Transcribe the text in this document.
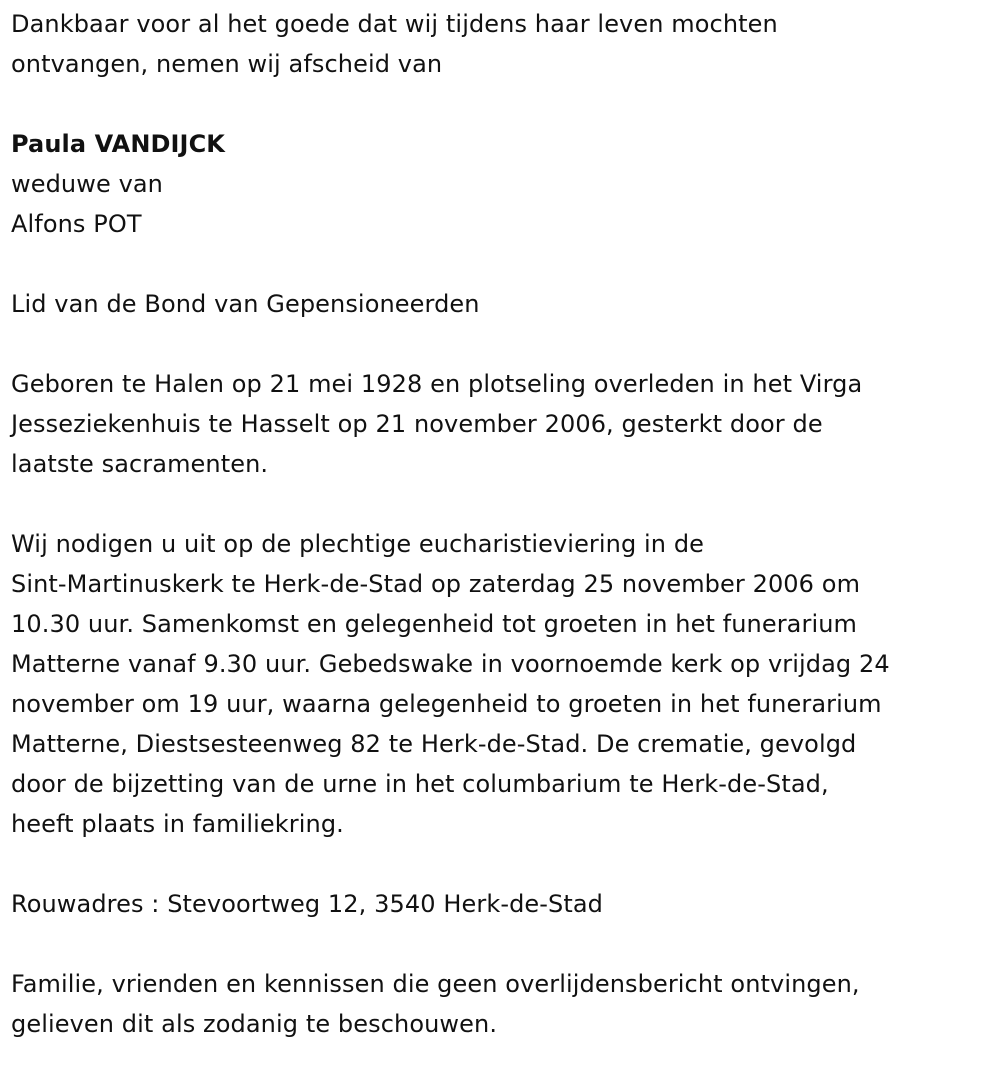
Dankbaar voor al het goede dat wij tijdens haar leven mochten

ontvangen, nemen wij afscheid van

Paula VANDIJCK

weduwe van

Alfons POT

Lid van de Bond van Gepensioneerden

Geboren te Halen op 21 mei 1928 en plotseling overleden in het Virga

Jesseziekenhuis te Hasselt op 21 november 2006, gesterkt door de

laatste sacramenten.

Wij nodigen u uit op de plechtige eucharistieviering in de

Sint-Martinuskerk te Herk-de-Stad op zaterdag 25 november 2006 om

10.30 uur. Samenkomst en gelegenheid tot groeten in het funerarium

Matterne vanaf 9.30 uur. Gebedswake in voornoemde kerk op vrijdag 24

november om 19 uur, waarna gelegenheid to groeten in het funerarium

Matterne, Diestsesteenweg 82 te Herk-de-Stad. De crematie, gevolgd

door de bijzetting van de urne in het columbarium te Herk-de-Stad,

heeft plaats in familiekring.

Rouwadres : Stevoortweg 12, 3540 Herk-de-Stad

Familie, vrienden en kennissen die geen overlijdensbericht ontvingen,

gelieven dit als zodanig te beschouwen.
